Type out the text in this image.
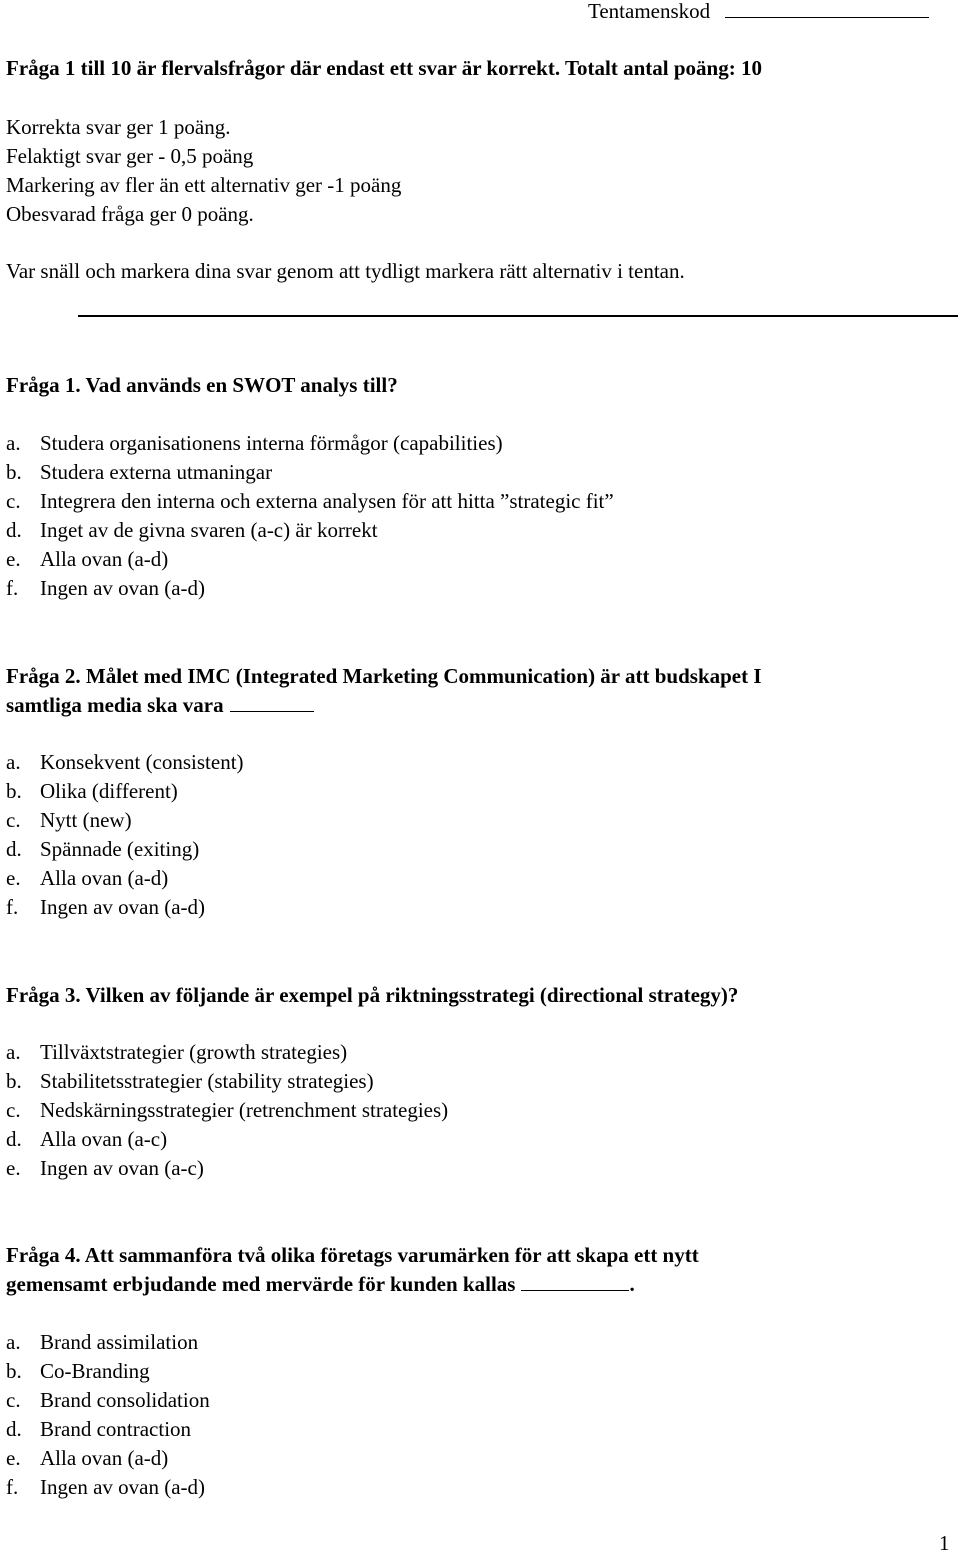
Tentamenskod
Fråga 1 till 10 är flervalsfrågor där endast ett svar är korrekt. Totalt antal poäng: 10
Korrekta svar ger 1 poäng.
Felaktigt svar ger - 0,5 poäng
Markering av fler än ett alternativ ger -1 poäng
Obesvarad fråga ger 0 poäng.
Var snäll och markera dina svar genom att tydligt markera rätt alternativ i tentan.
Fråga 1. Vad används en SWOT analys till?
a. Studera organisationens interna förmågor (capabilities)
b. Studera externa utmaningar
c. Integrera den interna och externa analysen för att hitta ”strategic fit”
d. Inget av de givna svaren (a-c) är korrekt
e. Alla ovan (a-d)
f. Ingen av ovan (a-d)
Fråga 2. Målet med IMC (Integrated Marketing Communication) är att budskapet I
samtliga media ska vara
a. Konsekvent (consistent)
b. Olika (different)
c. Nytt (new)
d. Spännade (exiting)
e. Alla ovan (a-d)
f. Ingen av ovan (a-d)
Fråga 3. Vilken av följande är exempel på riktningsstrategi (directional strategy)?
a. Tillväxtstrategier (growth strategies)
b. Stabilitetsstrategier (stability strategies)
c. Nedskärningsstrategier (retrenchment strategies)
d. Alla ovan (a-c)
e. Ingen av ovan (a-c)
Fråga 4. Att sammanföra två olika företags varumärken för att skapa ett nytt
gemensamt erbjudande med mervärde för kunden kallas	.
a. Brand assimilation
b. Co-Branding
c. Brand consolidation
d. Brand contraction
e. Alla ovan (a-d)
f. Ingen av ovan (a-d)
1
